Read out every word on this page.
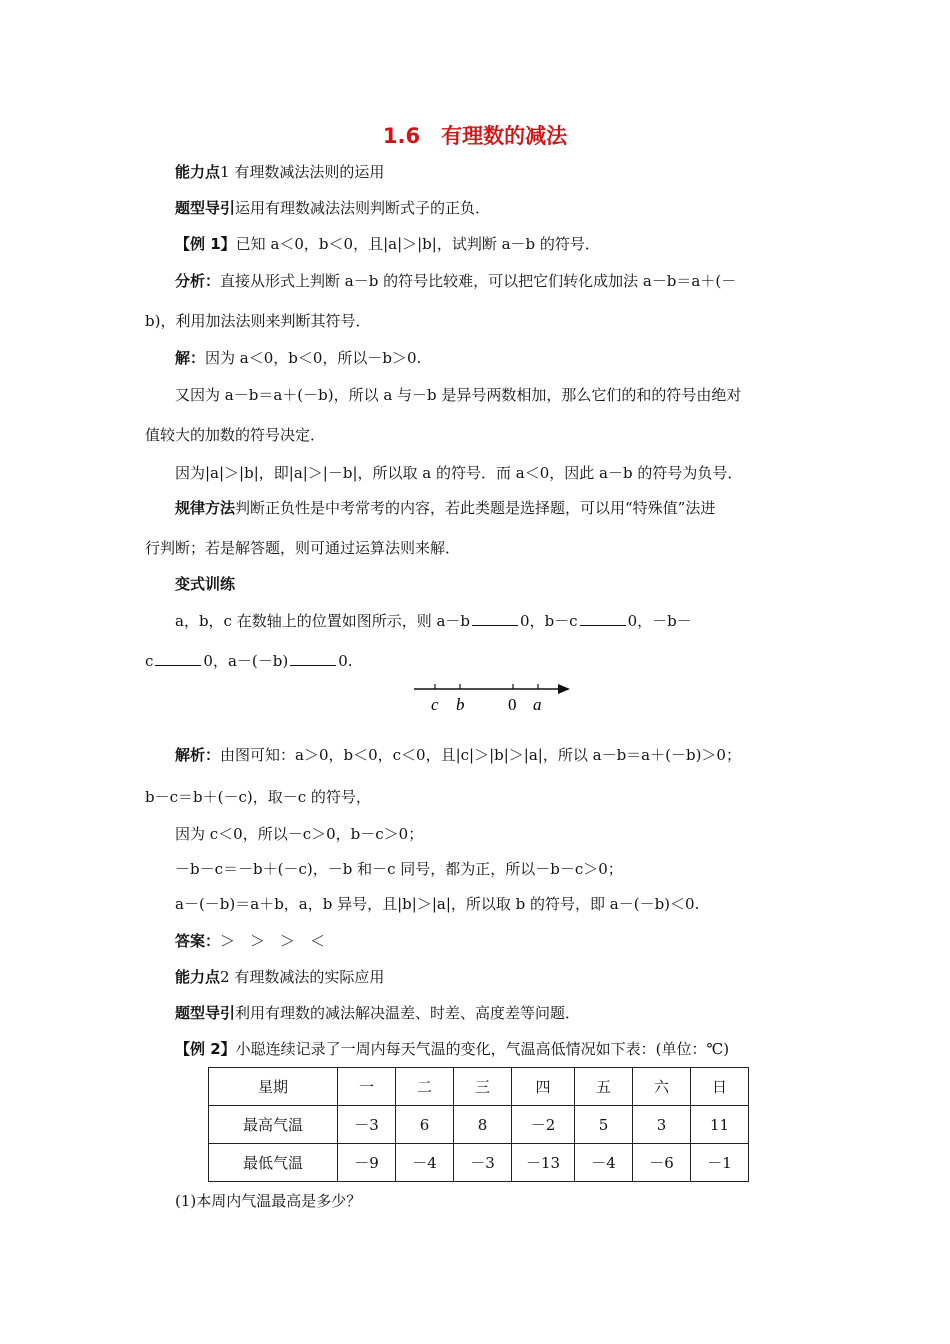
1.6　有理数的减法
能力点1 有理数减法法则的运用
题型导引运用有理数减法法则判断式子的正负．
【例 1】已知 a＜0，b＜0，且|a|＞|b|，试判断 a－b 的符号．
分析：直接从形式上判断 a－b 的符号比较难，可以把它们转化成加法 a－b＝a＋(－
b)，利用加法法则来判断其符号．
解：因为 a＜0，b＜0，所以－b＞0.
又因为 a－b＝a＋(－b)，所以 a 与－b 是异号两数相加，那么它们的和的符号由绝对
值较大的加数的符号决定．
因为|a|＞|b|，即|a|＞|－b|，所以取 a 的符号．而 a＜0，因此 a－b 的符号为负号．
规律方法判断正负性是中考常考的内容，若此类题是选择题，可以用“特殊值”法进
行判断；若是解答题，则可通过运算法则来解．
变式训练
a，b，c 在数轴上的位置如图所示，则 a－b	0，b－c	0，－b－
c	0，a－(－b)	0.
c b	0 a
解析：由图可知：a＞0，b＜0，c＜0，且|c|＞|b|＞|a|，所以 a－b＝a＋(－b)＞0；
b－c＝b＋(－c)，取－c 的符号，
因为 c＜0，所以－c＞0，b－c＞0；
－b－c＝－b＋(－c)，－b 和－c 同号，都为正，所以－b－c＞0；
a－(－b)＝a＋b，a，b 异号，且|b|＞|a|，所以取 b 的符号，即 a－(－b)＜0.
答案：＞　＞　＞　＜
能力点2 有理数减法的实际应用
题型导引利用有理数的减法解决温差、时差、高度差等问题．
【例 2】小聪连续记录了一周内每天气温的变化，气温高低情况如下表：(单位：℃)
星期	一	二	三	四	五	六	日
最高气温	－3	6	8	－2	5	3	11
最低气温	－9	－4	－3	－13	－4	－6	－1
(1)本周内气温最高是多少？
